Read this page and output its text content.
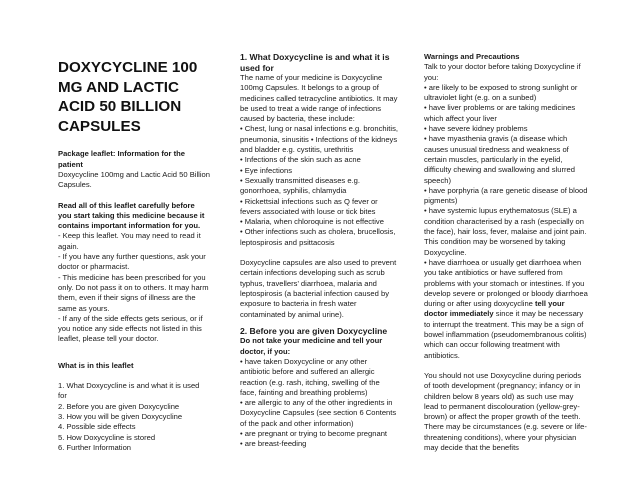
DOXYCYCLINE 100 MG AND LACTIC ACID 50 BILLION CAPSULES

Package leaflet: Information for the patient

Doxycycline 100mg and Lactic Acid 50 Billion Capsules.

Read all of this leaflet carefully before you start taking this medicine because it contains important information for you.

- Keep this leaflet. You may need to read it again.

- If you have any further questions, ask your doctor or pharmacist.

- This medicine has been prescribed for you only. Do not pass it on to others. It may harm them, even if their signs of illness are the same as yours.

- If any of the side effects gets serious, or if you notice any side effects not listed in this leaflet, please tell your doctor.

What is in this leaflet

1. What Doxycycline is and what it is used for

2. Before you are given Doxycycline

3. How you will be given Doxycycline

4. Possible side effects

5. How Doxycycline is stored

6. Further Information

1. What Doxycycline is and what it is used for

The name of your medicine is Doxycycline 100mg Capsules. It belongs to a group of medicines called tetracycline antibiotics. It may be used to treat a wide range of infections caused by bacteria, these include:

• Chest, lung or nasal infections e.g. bronchitis, pneumonia, sinusitis • Infections of the kidneys and bladder e.g. cystitis, urethritis

• Infections of the skin such as acne

• Eye infections

• Sexually transmitted diseases e.g. gonorrhoea, syphilis, chlamydia

• Rickettsial infections such as Q fever or fevers associated with louse or tick bites

• Malaria, when chloroquine is not effective

• Other infections such as cholera, brucellosis, leptospirosis and psittacosis

Doxycycline capsules are also used to prevent certain infections developing such as scrub typhus, travellers’ diarrhoea, malaria and leptospirosis (a bacterial infection caused by exposure to bacteria in fresh water contaminated by animal urine).

2. Before you are given Doxycycline

Do not take your medicine and tell your doctor, if you:

• have taken Doxycycline or any other antibiotic before and suffered an allergic reaction (e.g. rash, itching, swelling of the face, fainting and breathing problems)

• are allergic to any of the other ingredients in Doxycycline Capsules (see section 6 Contents of the pack and other information)

• are pregnant or trying to become pregnant

• are breast-feeding

Warnings and Precautions

Talk to your doctor before taking Doxycycline if you:

• are likely to be exposed to strong sunlight or ultraviolet light (e.g. on a sunbed)

• have liver problems or are taking medicines which affect your liver

• have severe kidney problems

• have myasthenia gravis (a disease which causes unusual tiredness and weakness of certain muscles, particularly in the eyelid, difficulty chewing and swallowing and slurred speech)

• have porphyria (a rare genetic disease of blood pigments)

• have systemic lupus erythematosus (SLE) a condition characterised by a rash (especially on the face), hair loss, fever, malaise and joint pain. This condition may be worsened by taking Doxycycline.

• have diarrhoea or usually get diarrhoea when you take antibiotics or have suffered from problems with your stomach or intestines. If you develop severe or prolonged or bloody diarrhoea during or after using doxycycline tell your doctor immediately since it may be necessary to interrupt the treatment. This may be a sign of bowel inflammation (pseudomembranous colitis) which can occur following treatment with antibiotics.

You should not use Doxycycline during periods of tooth development (pregnancy; infancy or in children below 8 years old) as such use may lead to permanent discolouration (yellow-grey-brown) or affect the proper growth of the teeth.

There may be circumstances (e.g. severe or life-threatening conditions), where your physician may decide that the benefits
